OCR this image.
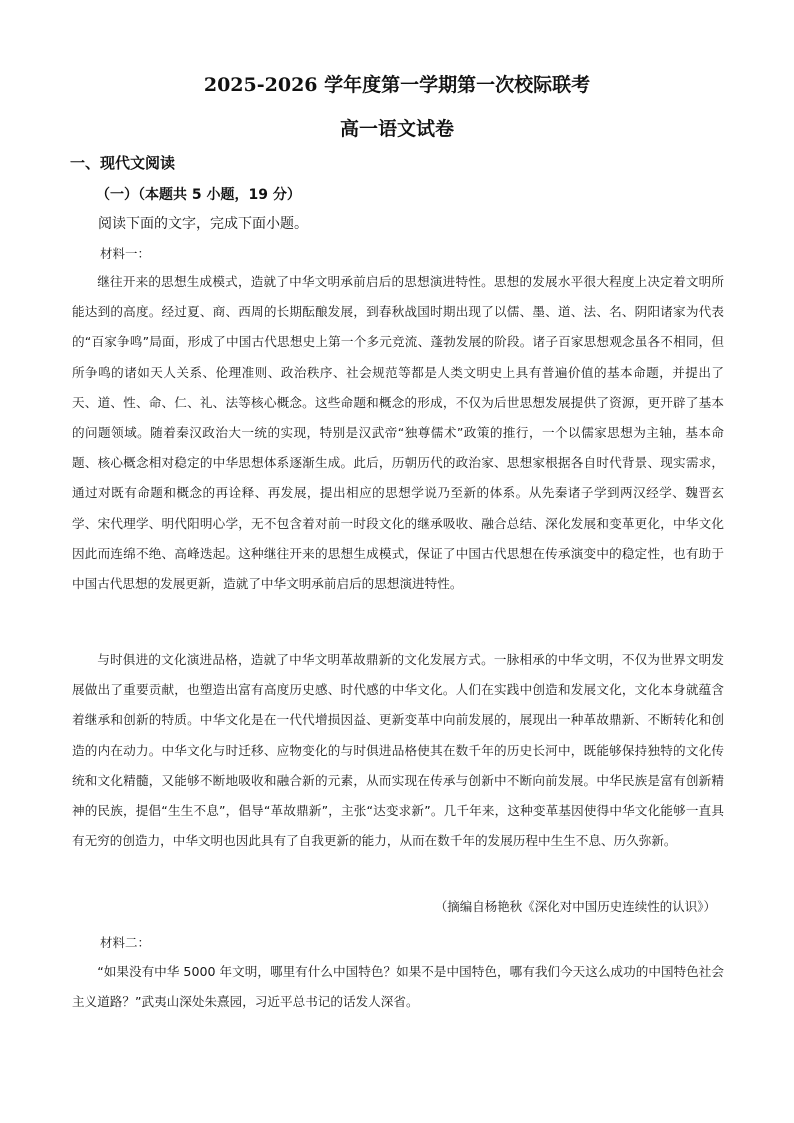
2025-2026 学年度第一学期第一次校际联考
高一语文试卷
一、现代文阅读
（一）（本题共 5 小题，19 分）
阅读下面的文字，完成下面小题。
材料一：

继往开来的思想生成模式，造就了中华文明承前启后的思想演进特性。思想的发展水平很大程度上决定着文明所能达到的高度。经过夏、商、西周的长期酝酿发展，到春秋战国时期出现了以儒、墨、道、法、名、阴阳诸家为代表的“百家争鸣”局面，形成了中国古代思想史上第一个多元竞流、蓬勃发展的阶段。诸子百家思想观念虽各不相同，但所争鸣的诸如天人关系、伦理准则、政治秩序、社会规范等都是人类文明史上具有普遍价值的基本命题，并提出了天、道、性、命、仁、礼、法等核心概念。这些命题和概念的形成，不仅为后世思想发展提供了资源，更开辟了基本的问题领域。随着秦汉政治大一统的实现，特别是汉武帝“独尊儒术”政策的推行，一个以儒家思想为主轴，基本命题、核心概念相对稳定的中华思想体系逐渐生成。此后，历朝历代的政治家、思想家根据各自时代背景、现实需求，通过对既有命题和概念的再诠释、再发展，提出相应的思想学说乃至新的体系。从先秦诸子学到两汉经学、魏晋玄学、宋代理学、明代阳明心学，无不包含着对前一时段文化的继承吸收、融合总结、深化发展和变革更化，中华文化因此而连绵不绝、高峰迭起。这种继往开来的思想生成模式，保证了中国古代思想在传承演变中的稳定性，也有助于中国古代思想的发展更新，造就了中华文明承前启后的思想演进特性。

与时俱进的文化演进品格，造就了中华文明革故鼎新的文化发展方式。一脉相承的中华文明，不仅为世界文明发展做出了重要贡献，也塑造出富有高度历史感、时代感的中华文化。人们在实践中创造和发展文化，文化本身就蕴含着继承和创新的特质。中华文化是在一代代增损因益、更新变革中向前发展的，展现出一种革故鼎新、不断转化和创造的内在动力。中华文化与时迁移、应物变化的与时俱进品格使其在数千年的历史长河中，既能够保持独特的文化传统和文化精髓，又能够不断地吸收和融合新的元素，从而实现在传承与创新中不断向前发展。中华民族是富有创新精神的民族，提倡“生生不息”，倡导“革故鼎新”，主张“达变求新”。几千年来，这种变革基因使得中华文化能够一直具有无穷的创造力，中华文明也因此具有了自我更新的能力，从而在数千年的发展历程中生生不息、历久弥新。

（摘编自杨艳秋《深化对中国历史连续性的认识》）
材料二：

“如果没有中华 5000 年文明，哪里有什么中国特色？如果不是中国特色，哪有我们今天这么成功的中国特色社会主义道路？”武夷山深处朱熹园，习近平总书记的话发人深省。
